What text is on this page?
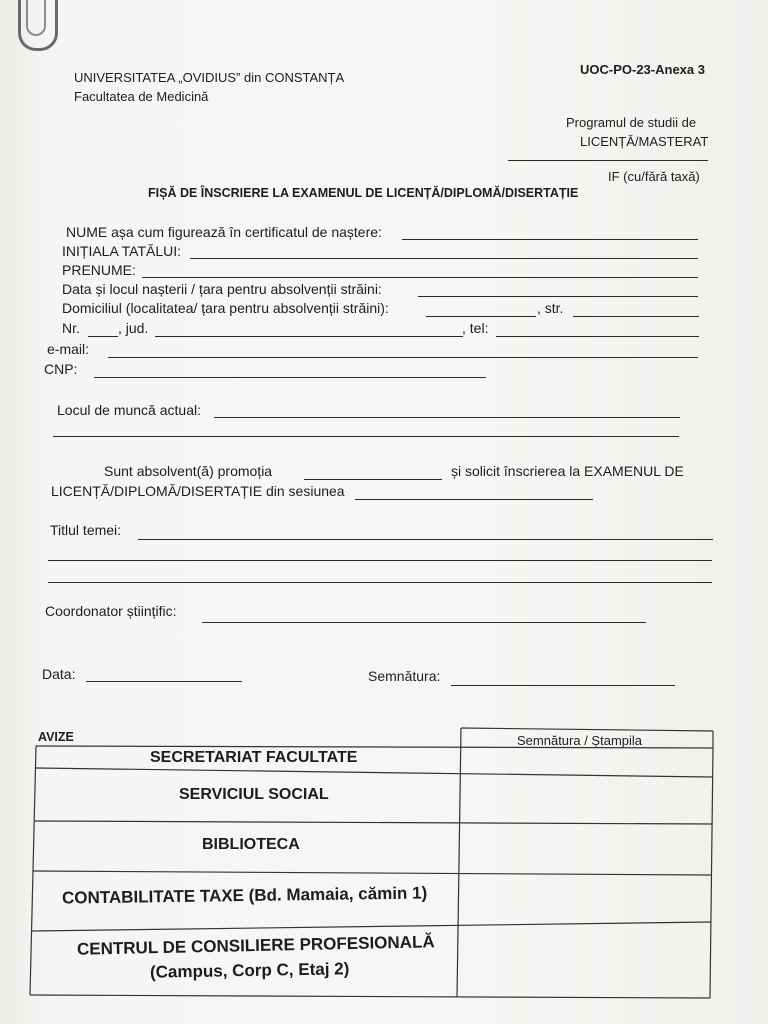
UOC-PO-23-Anexa 3
UNIVERSITATEA „OVIDIUS” din CONSTANȚA
Facultatea de Medicină
Programul de studii de
LICENȚĂ/MASTERAT
IF (cu/fără taxă)
FIȘĂ DE ÎNSCRIERE LA EXAMENUL DE LICENȚĂ/DIPLOMĂ/DISERTAȚIE
NUME așa cum figurează în certificatul de naștere:
INIȚIALA TATĂLUI:
PRENUME:
Data și locul nașterii / țara pentru absolvenții străini:
Domiciliul (localitatea/ țara pentru absolvenții străini):	, str.
Nr.	, jud.	, tel:
e-mail:
CNP:
Locul de muncă actual:
Sunt absolvent(ă) promoția	și solicit înscrierea la EXAMENUL DE
LICENȚĂ/DIPLOMĂ/DISERTAȚIE din sesiunea
Titlul temei:
Coordonator științific:
Data:	Semnătura:
AVIZE	Semnătura / Ștampila
SECRETARIAT FACULTATE
SERVICIUL SOCIAL
BIBLIOTECA
CONTABILITATE TAXE (Bd. Mamaia, cămin 1)
CENTRUL DE CONSILIERE PROFESIONALĂ
(Campus, Corp C, Etaj 2)
